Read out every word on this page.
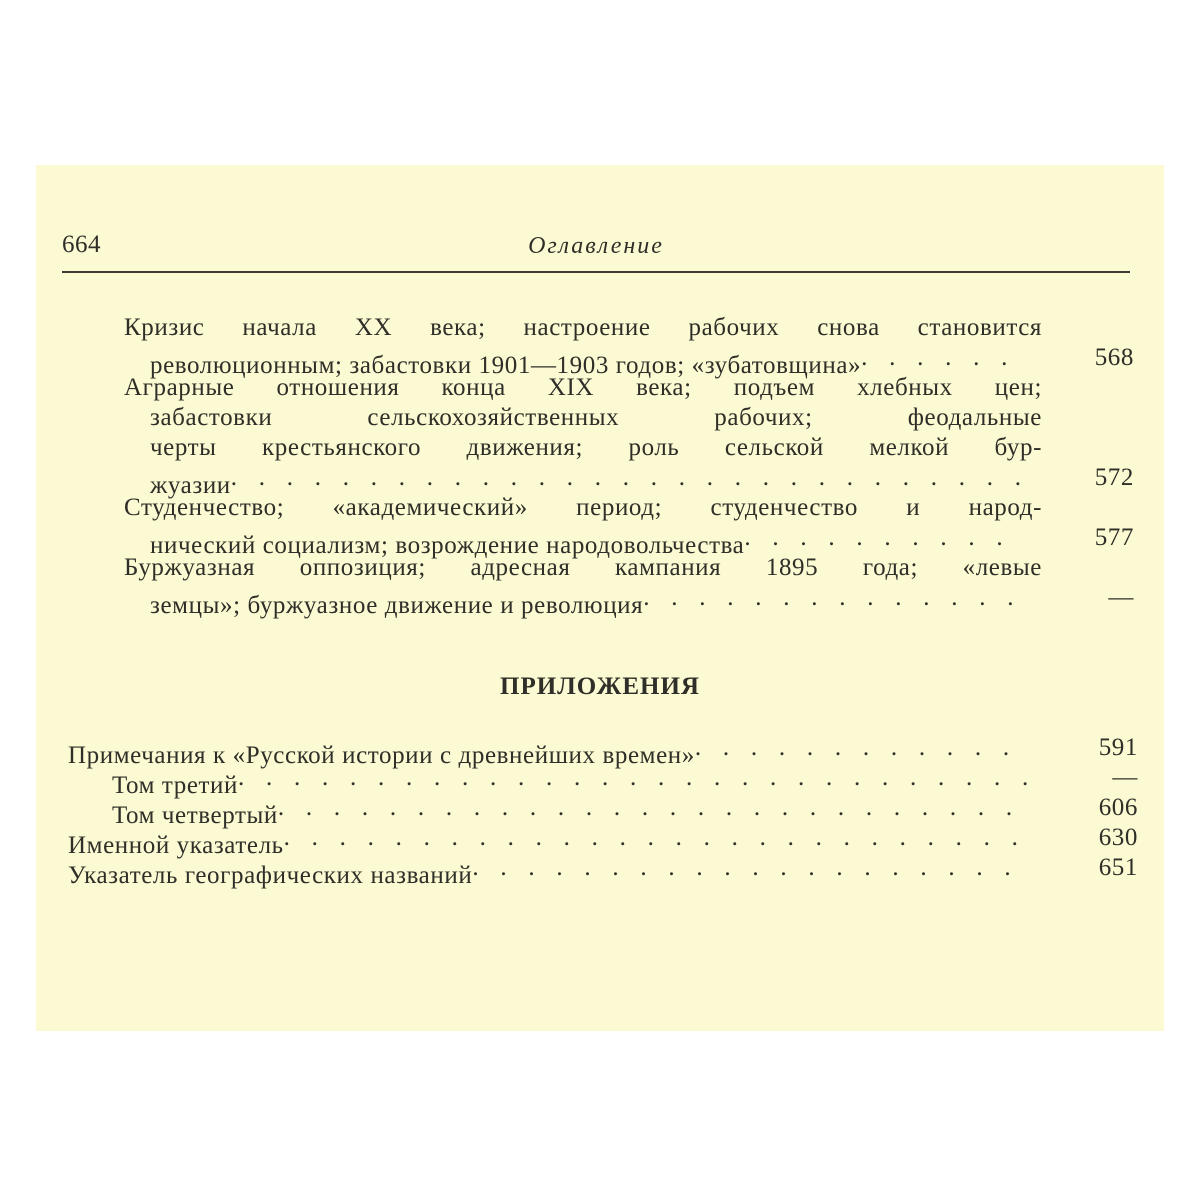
664	Оглавление
Кризис начала XX века; настроение рабочих снова становится
революционным; забастовки 1901—1903 годов; «зубатовщина». . . . . .	568
Аграрные отношения конца XIX века; подъем хлебных цен;
забастовки сельскохозяйственных рабочих; феодальные
черты крестьянского движения; роль сельской мелкой бур-
жуазии. . . . . . . . . . . . . . . . . . . . . . . . . . . . .	572
Студенчество; «академический» период; студенчество и народ-
нический социализм; возрождение народовольчества. . . . . . . . . .	577
Буржуазная оппозиция; адресная кампания 1895 года; «левые
земцы»; буржуазное движение и революция. . . . . . . . . . . . . .	—
ПРИЛОЖЕНИЯ
Примечания к «Русской истории с древнейших времен». . . . . . . . . . . .	591
Том третий. . . . . . . . . . . . . . . . . . . . . . . . . . . . .	—
Том четвертый. . . . . . . . . . . . . . . . . . . . . . . . . . .	606
Именной указатель. . . . . . . . . . . . . . . . . . . . . . . . . . .	630
Указатель географических названий. . . . . . . . . . . . . . . . . . . .	651
